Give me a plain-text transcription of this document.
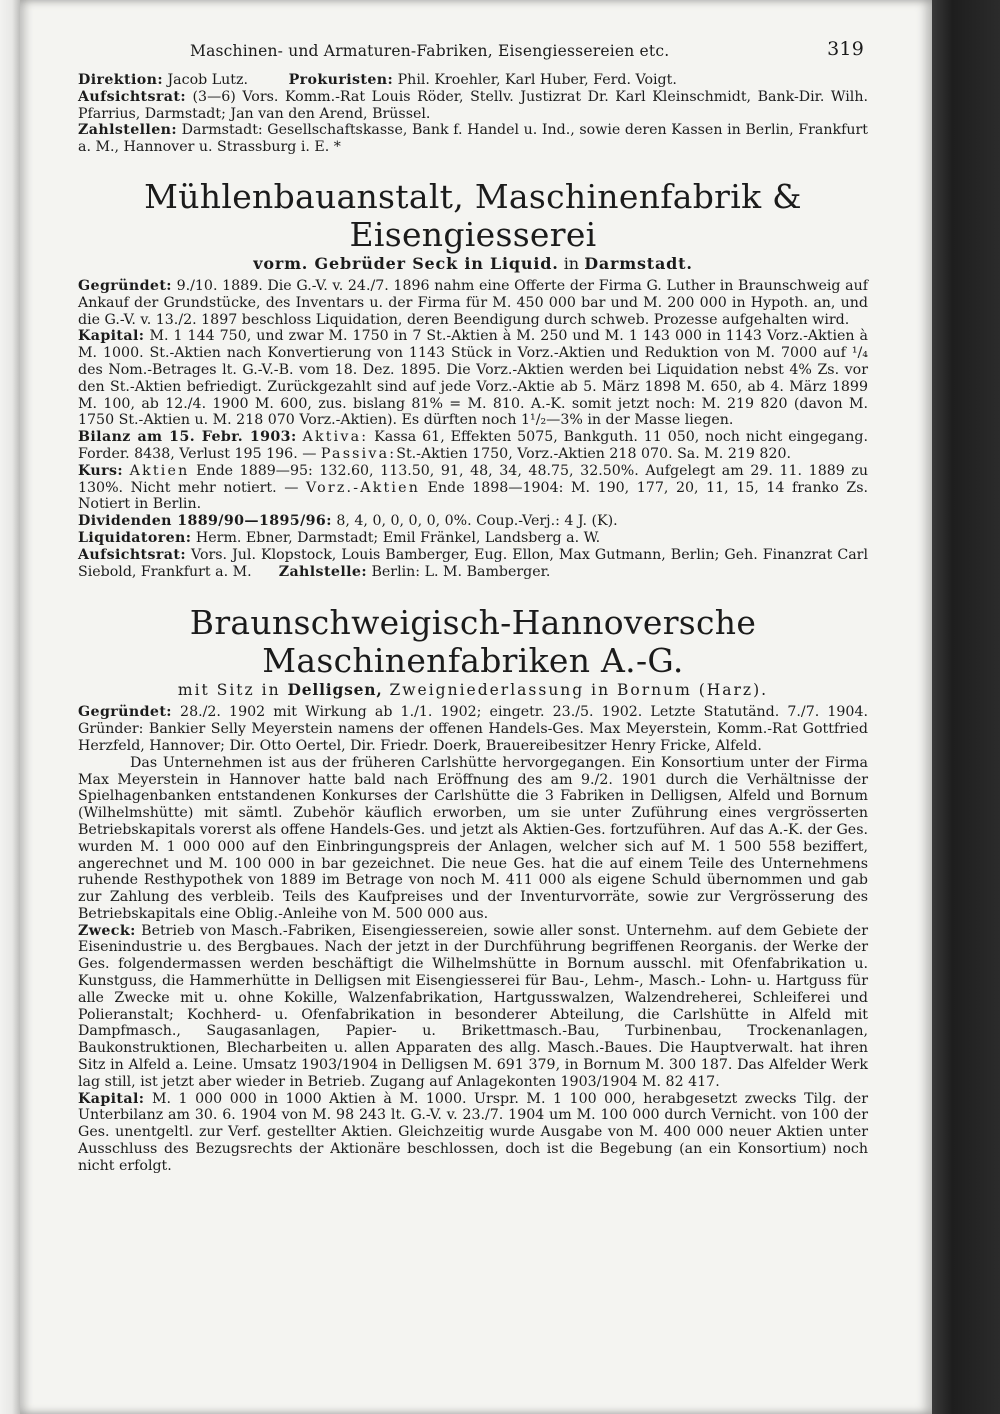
Maschinen- und Armaturen-Fabriken, Eisengiessereien etc.	319

Direktion: Jacob Lutz.	Prokuristen: Phil. Kroehler, Karl Huber, Ferd. Voigt.

Aufsichtsrat: (3—6) Vors. Komm.-Rat Louis Röder, Stellv. Justizrat Dr. Karl Kleinschmidt, Bank-Dir. Wilh. Pfarrius, Darmstadt; Jan van den Arend, Brüssel.

Zahlstellen: Darmstadt: Gesellschaftskasse, Bank f. Handel u. Ind., sowie deren Kassen in Berlin, Frankfurt a. M., Hannover u. Strassburg i. E. *

Mühlenbauanstalt, Maschinenfabrik & Eisengiesserei
vorm. Gebrüder Seck in Liquid. in Darmstadt.

Gegründet: 9./10. 1889. Die G.-V. v. 24./7. 1896 nahm eine Offerte der Firma G. Luther in Braunschweig auf Ankauf der Grundstücke, des Inventars u. der Firma für M. 450 000 bar und M. 200 000 in Hypoth. an, und die G.-V. v. 13./2. 1897 beschloss Liquidation, deren Beendigung durch schweb. Prozesse aufgehalten wird.

Kapital: M. 1 144 750, und zwar M. 1750 in 7 St.-Aktien à M. 250 und M. 1 143 000 in 1143 Vorz.-Aktien à M. 1000. St.-Aktien nach Konvertierung von 1143 Stück in Vorz.-Aktien und Reduktion von M. 7000 auf ¹/₄ des Nom.-Betrages lt. G.-V.-B. vom 18. Dez. 1895. Die Vorz.-Aktien werden bei Liquidation nebst 4% Zs. vor den St.-Aktien befriedigt. Zurückgezahlt sind auf jede Vorz.-Aktie ab 5. März 1898 M. 650, ab 4. März 1899 M. 100, ab 12./4. 1900 M. 600, zus. bislang 81% = M. 810. A.-K. somit jetzt noch: M. 219 820 (davon M. 1750 St.-Aktien u. M. 218 070 Vorz.-Aktien). Es dürften noch 1¹/₂—3% in der Masse liegen.

Bilanz am 15. Febr. 1903: Aktiva: Kassa 61, Effekten 5075, Bankguth. 11 050, noch nicht eingegang. Forder. 8438, Verlust 195 196. — Passiva:St.-Aktien 1750, Vorz.-Aktien 218 070. Sa. M. 219 820.

Kurs: Aktien Ende 1889—95: 132.60, 113.50, 91, 48, 34, 48.75, 32.50%. Aufgelegt am 29. 11. 1889 zu 130%. Nicht mehr notiert. — Vorz.-Aktien Ende 1898—1904: M. 190, 177, 20, 11, 15, 14 franko Zs. Notiert in Berlin.

Dividenden 1889/90—1895/96: 8, 4, 0, 0, 0, 0, 0%. Coup.-Verj.: 4 J. (K).

Liquidatoren: Herm. Ebner, Darmstadt; Emil Fränkel, Landsberg a. W.

Aufsichtsrat: Vors. Jul. Klopstock, Louis Bamberger, Eug. Ellon, Max Gutmann, Berlin; Geh. Finanzrat Carl Siebold, Frankfurt a. M. Zahlstelle: Berlin: L. M. Bamberger.

Braunschweigisch-Hannoversche Maschinenfabriken A.-G.
mit Sitz in Delligsen, Zweigniederlassung in Bornum (Harz).

Gegründet: 28./2. 1902 mit Wirkung ab 1./1. 1902; eingetr. 23./5. 1902. Letzte Statutänd. 7./7. 1904. Gründer: Bankier Selly Meyerstein namens der offenen Handels-Ges. Max Meyerstein, Komm.-Rat Gottfried Herzfeld, Hannover; Dir. Otto Oertel, Dir. Friedr. Doerk, Brauereibesitzer Henry Fricke, Alfeld.

Das Unternehmen ist aus der früheren Carlshütte hervorgegangen. Ein Konsortium unter der Firma Max Meyerstein in Hannover hatte bald nach Eröffnung des am 9./2. 1901 durch die Verhältnisse der Spielhagenbanken entstandenen Konkurses der Carlshütte die 3 Fabriken in Delligsen, Alfeld und Bornum (Wilhelmshütte) mit sämtl. Zubehör käuflich erworben, um sie unter Zuführung eines vergrösserten Betriebskapitals vorerst als offene Handels-Ges. und jetzt als Aktien-Ges. fortzuführen. Auf das A.-K. der Ges. wurden M. 1 000 000 auf den Einbringungspreis der Anlagen, welcher sich auf M. 1 500 558 beziffert, angerechnet und M. 100 000 in bar gezeichnet. Die neue Ges. hat die auf einem Teile des Unternehmens ruhende Resthypothek von 1889 im Betrage von noch M. 411 000 als eigene Schuld übernommen und gab zur Zahlung des verbleib. Teils des Kaufpreises und der Inventurvorräte, sowie zur Vergrösserung des Betriebskapitals eine Oblig.-Anleihe von M. 500 000 aus.

Zweck: Betrieb von Masch.-Fabriken, Eisengiessereien, sowie aller sonst. Unternehm. auf dem Gebiete der Eisenindustrie u. des Bergbaues. Nach der jetzt in der Durchführung begriffenen Reorganis. der Werke der Ges. folgendermassen werden beschäftigt die Wilhelmshütte in Bornum ausschl. mit Ofenfabrikation u. Kunstguss, die Hammerhütte in Delligsen mit Eisengiesserei für Bau-, Lehm-, Masch.- Lohn- u. Hartguss für alle Zwecke mit u. ohne Kokille, Walzenfabrikation, Hartgusswalzen, Walzendreherei, Schleiferei und Polieranstalt; Kochherd- u. Ofenfabrikation in besonderer Abteilung, die Carlshütte in Alfeld mit Dampfmasch., Saugasanlagen, Papier- u. Brikettmasch.-Bau, Turbinenbau, Trockenanlagen, Baukonstruktionen, Blecharbeiten u. allen Apparaten des allg. Masch.-Baues. Die Hauptverwalt. hat ihren Sitz in Alfeld a. Leine. Umsatz 1903/1904 in Delligsen M. 691 379, in Bornum M. 300 187. Das Alfelder Werk lag still, ist jetzt aber wieder in Betrieb. Zugang auf Anlagekonten 1903/1904 M. 82 417.

Kapital: M. 1 000 000 in 1000 Aktien à M. 1000. Urspr. M. 1 100 000, herabgesetzt zwecks Tilg. der Unterbilanz am 30. 6. 1904 von M. 98 243 lt. G.-V. v. 23./7. 1904 um M. 100 000 durch Vernicht. von 100 der Ges. unentgeltl. zur Verf. gestellter Aktien. Gleichzeitig wurde Ausgabe von M. 400 000 neuer Aktien unter Ausschluss des Bezugsrechts der Aktionäre beschlossen, doch ist die Begebung (an ein Konsortium) noch nicht erfolgt.
